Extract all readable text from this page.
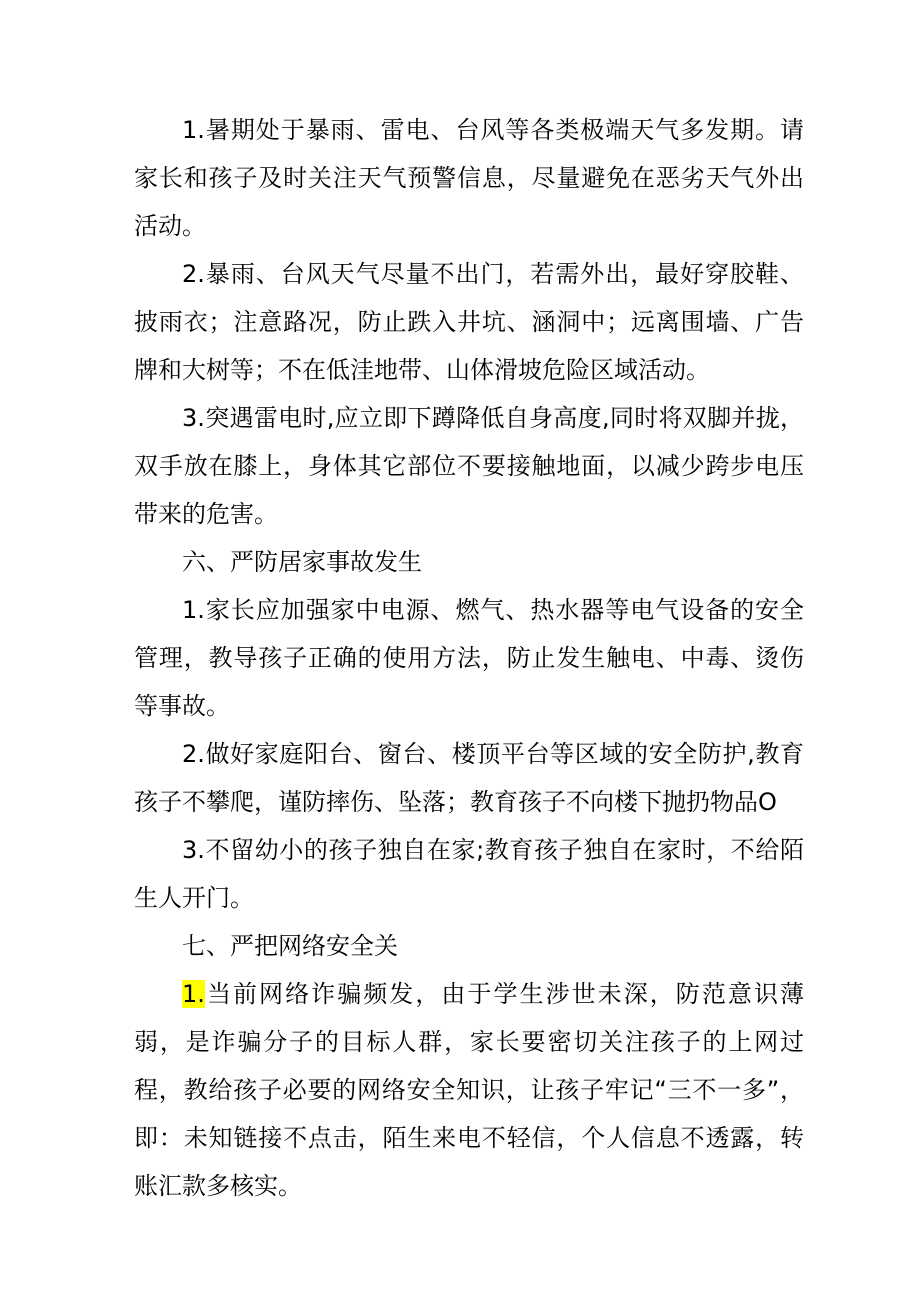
1.暑期处于暴雨、雷电、台风等各类极端天气多发期。请家长和孩子及时关注天气预警信息，尽量避免在恶劣天气外出活动。

2.暴雨、台风天气尽量不出门，若需外出，最好穿胶鞋、披雨衣；注意路况，防止跌入井坑、涵洞中；远离围墙、广告牌和大树等；不在低洼地带、山体滑坡危险区域活动。

3.突遇雷电时,应立即下蹲降低自身高度,同时将双脚并拢，双手放在膝上，身体其它部位不要接触地面，以减少跨步电压带来的危害。

六、严防居家事故发生

1.家长应加强家中电源、燃气、热水器等电气设备的安全管理，教导孩子正确的使用方法，防止发生触电、中毒、烫伤等事故。

2.做好家庭阳台、窗台、楼顶平台等区域的安全防护,教育孩子不攀爬，谨防摔伤、坠落；教育孩子不向楼下抛扔物品O

3.不留幼小的孩子独自在家;教育孩子独自在家时，不给陌生人开门。

七、严把网络安全关

1.当前网络诈骗频发，由于学生涉世未深，防范意识薄弱，是诈骗分子的目标人群，家长要密切关注孩子的上网过程，教给孩子必要的网络安全知识，让孩子牢记“三不一多”，即：未知链接不点击，陌生来电不轻信，个人信息不透露，转账汇款多核实。
